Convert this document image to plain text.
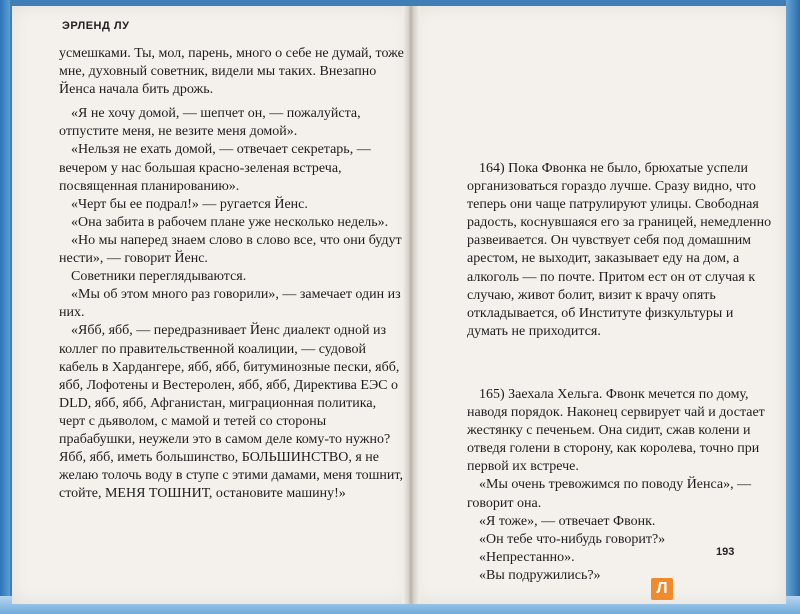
ЭРЛЕНД ЛУ

усмешками. Ты, мол, парень, много о себе не думай, тоже мне, духовный советник, видели мы таких. Внезапно Йенса начала бить дрожь.

«Я не хочу домой, — шепчет он, — пожалуйста, отпустите меня, не везите меня домой».

«Нельзя не ехать домой, — отвечает секретарь, — вечером у нас большая красно-зеленая встреча, посвященная планированию».

«Черт бы ее подрал!» — ругается Йенс.

«Она забита в рабочем плане уже несколько недель».

«Но мы наперед знаем слово в слово все, что они будут нести», — говорит Йенс.

Советники переглядываются.

«Мы об этом много раз говорили», — замечает один из них.

«Ябб, ябб, — передразнивает Йенс диалект одной из коллег по правительственной коалиции, — судовой кабель в Хардангере, ябб, ябб, битуминозные пески, ябб, ябб, Лофотены и Вестеролен, ябб, ябб, Директива ЕЭС о DLD, ябб, ябб, Афганистан, миграционная политика, черт с дьяволом, с мамой и тетей со стороны прабабушки, неужели это в самом деле кому-то нужно? Ябб, ябб, иметь большинство, БОЛЬШИНСТВО, я не желаю толочь воду в ступе с этими дамами, меня тошнит, стойте, МЕНЯ ТОШНИТ, остановите машину!»

164) Пока Фвонка не было, брюхатые успели организоваться гораздо лучше. Сразу видно, что теперь они чаще патрулируют улицы. Свободная радость, коснувшаяся его за границей, немедленно развеивается. Он чувствует себя под домашним арестом, не выходит, заказывает еду на дом, а алкоголь — по почте. Притом ест он от случая к случаю, живот болит, визит к врачу опять откладывается, об Институте физкультуры и думать не приходится.

165) Заехала Хельга. Фвонк мечется по дому, наводя порядок. Наконец сервирует чай и достает жестянку с печеньем. Она сидит, сжав колени и отведя голени в сторону, как королева, точно при первой их встрече.

«Мы очень тревожимся по поводу Йенса», — говорит она.

«Я тоже», — отвечает Фвонк.

«Он тебе что-нибудь говорит?»

«Непрестанно».

«Вы подружились?»

193
Л
